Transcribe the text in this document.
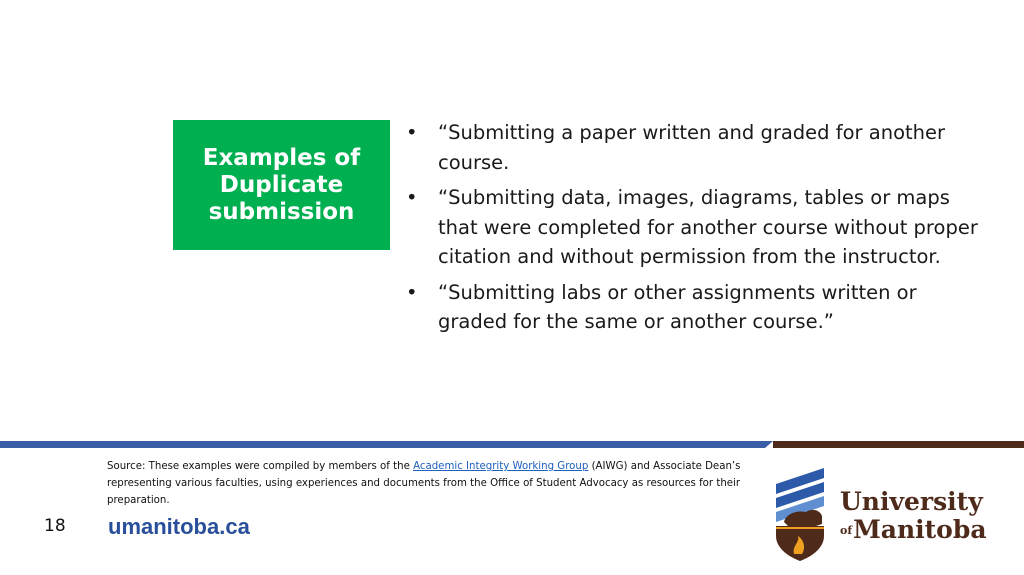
Examples of Duplicate submission
• “Submitting a paper written and graded for another course.
• “Submitting data, images, diagrams, tables or maps that were completed for another course without proper citation and without permission from the instructor.
• “Submitting labs or other assignments written or graded for the same or another course.”
Source: These examples were compiled by members of the Academic Integrity Working Group (AIWG) and Associate Dean’s representing various faculties, using experiences and documents from the Office of Student Advocacy as resources for their preparation.
18 umanitoba.ca
University
ofManitoba
